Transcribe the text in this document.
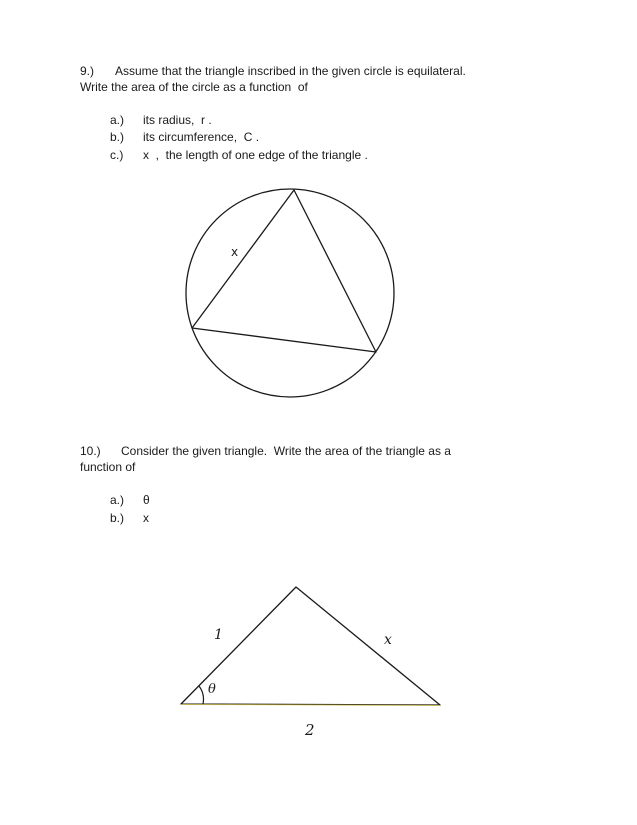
9.) Assume that the triangle inscribed in the given circle is equilateral.
Write the area of the circle as a function  of
a.) its radius,  r .
b.) its circumference,  C .
c.) x  ,  the length of one edge of the triangle .
x
10.) Consider the given triangle.  Write the area of the triangle as a
function of
a.) θ
b.) x
1	x
θ
2
